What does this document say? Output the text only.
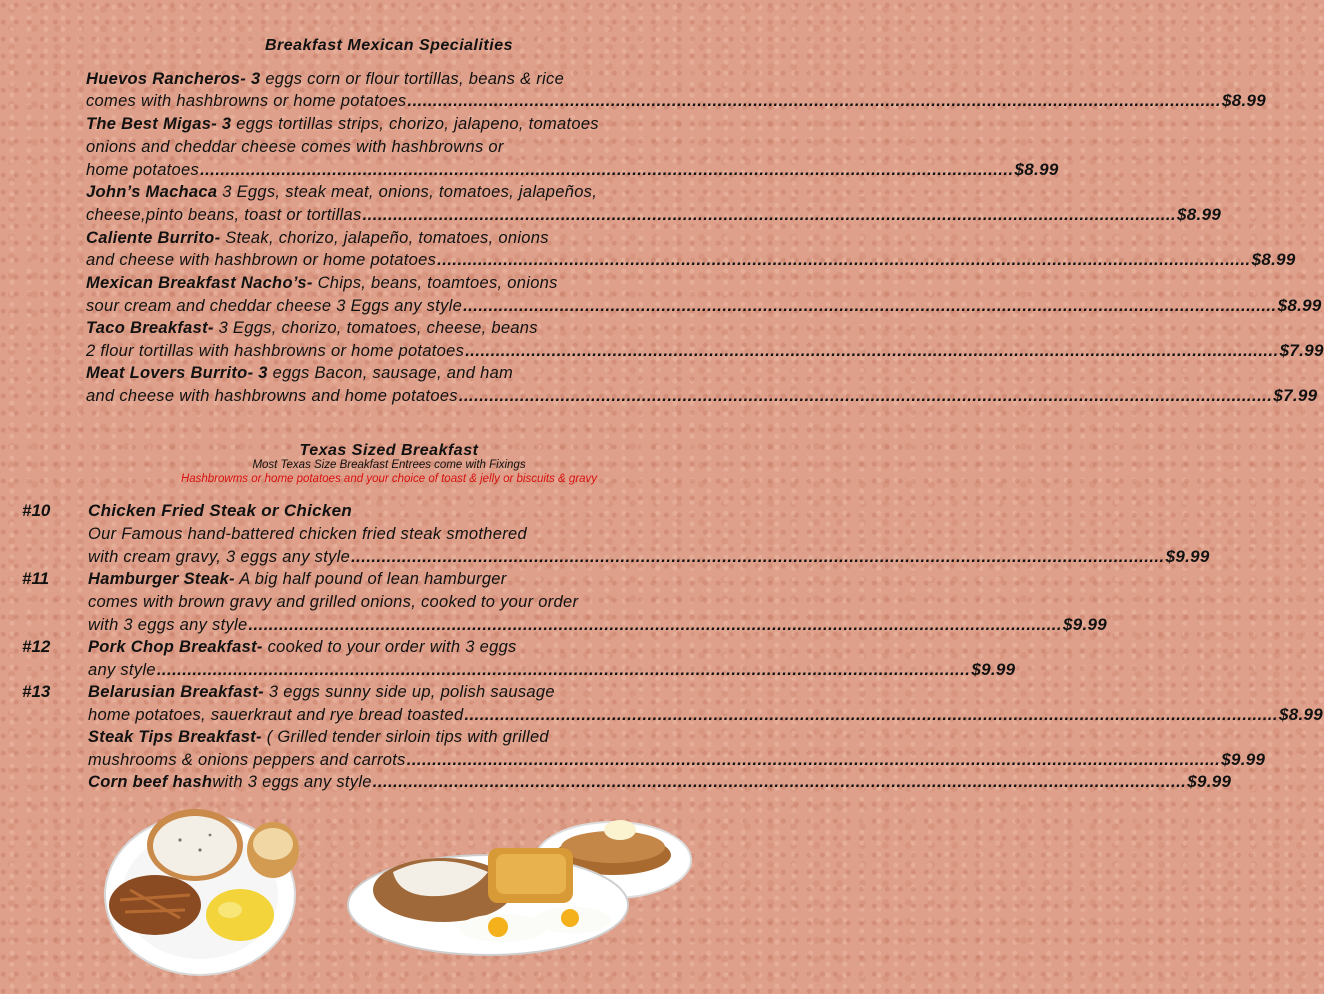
Breakfast Mexican Specialities
Huevos Rancheros- 3 eggs corn or flour tortillas, beans & rice
comes with hashbrowns or home potatoes ................................................................................................................................................................ $8.99
The Best Migas- 3 eggs tortillas strips, chorizo, jalapeno, tomatoes
onions and cheddar cheese comes with hashbrowns or
home potatoes ................................................................................................................................................................ $8.99
John’s Machaca 3 Eggs, steak meat, onions, tomatoes, jalapeños,
cheese,pinto beans, toast or tortillas ................................................................................................................................................................ $8.99
Caliente Burrito- Steak, chorizo, jalapeño, tomatoes, onions
and cheese with hashbrown or home potatoes ................................................................................................................................................................ $8.99
Mexican Breakfast Nacho’s- Chips, beans, toamtoes, onions
sour cream and cheddar cheese 3 Eggs any style ................................................................................................................................................................ $8.99
Taco Breakfast- 3 Eggs, chorizo, tomatoes, cheese, beans
2 flour tortillas with hashbrowns or home potatoes ................................................................................................................................................................ $7.99
Meat Lovers Burrito- 3 eggs Bacon, sausage, and ham
and cheese with hashbrowns and home potatoes ................................................................................................................................................................ $7.99
Texas Sized Breakfast
Most Texas Size Breakfast Entrees come with Fixings
Hashbrowms or home potatoes and your choice of toast & jelly or biscuits & gravy
#10 Chicken Fried Steak or Chicken
Our Famous hand-battered chicken fried steak smothered
with cream gravy, 3 eggs any style ................................................................................................................................................................ $9.99
#11 Hamburger Steak- A big half pound of lean hamburger
comes with brown gravy and grilled onions, cooked to your order
with 3 eggs any style ................................................................................................................................................................ $9.99
#12 Pork Chop Breakfast- cooked to your order with 3 eggs
any style ................................................................................................................................................................ $9.99
#13 Belarusian Breakfast- 3 eggs sunny side up, polish sausage
home potatoes, sauerkraut and rye bread toasted ................................................................................................................................................................ $8.99
Steak Tips Breakfast- ( Grilled tender sirloin tips with grilled
mushrooms & onions peppers and carrots ................................................................................................................................................................ $9.99
Corn beef hash with 3 eggs any style ................................................................................................................................................................ $9.99
